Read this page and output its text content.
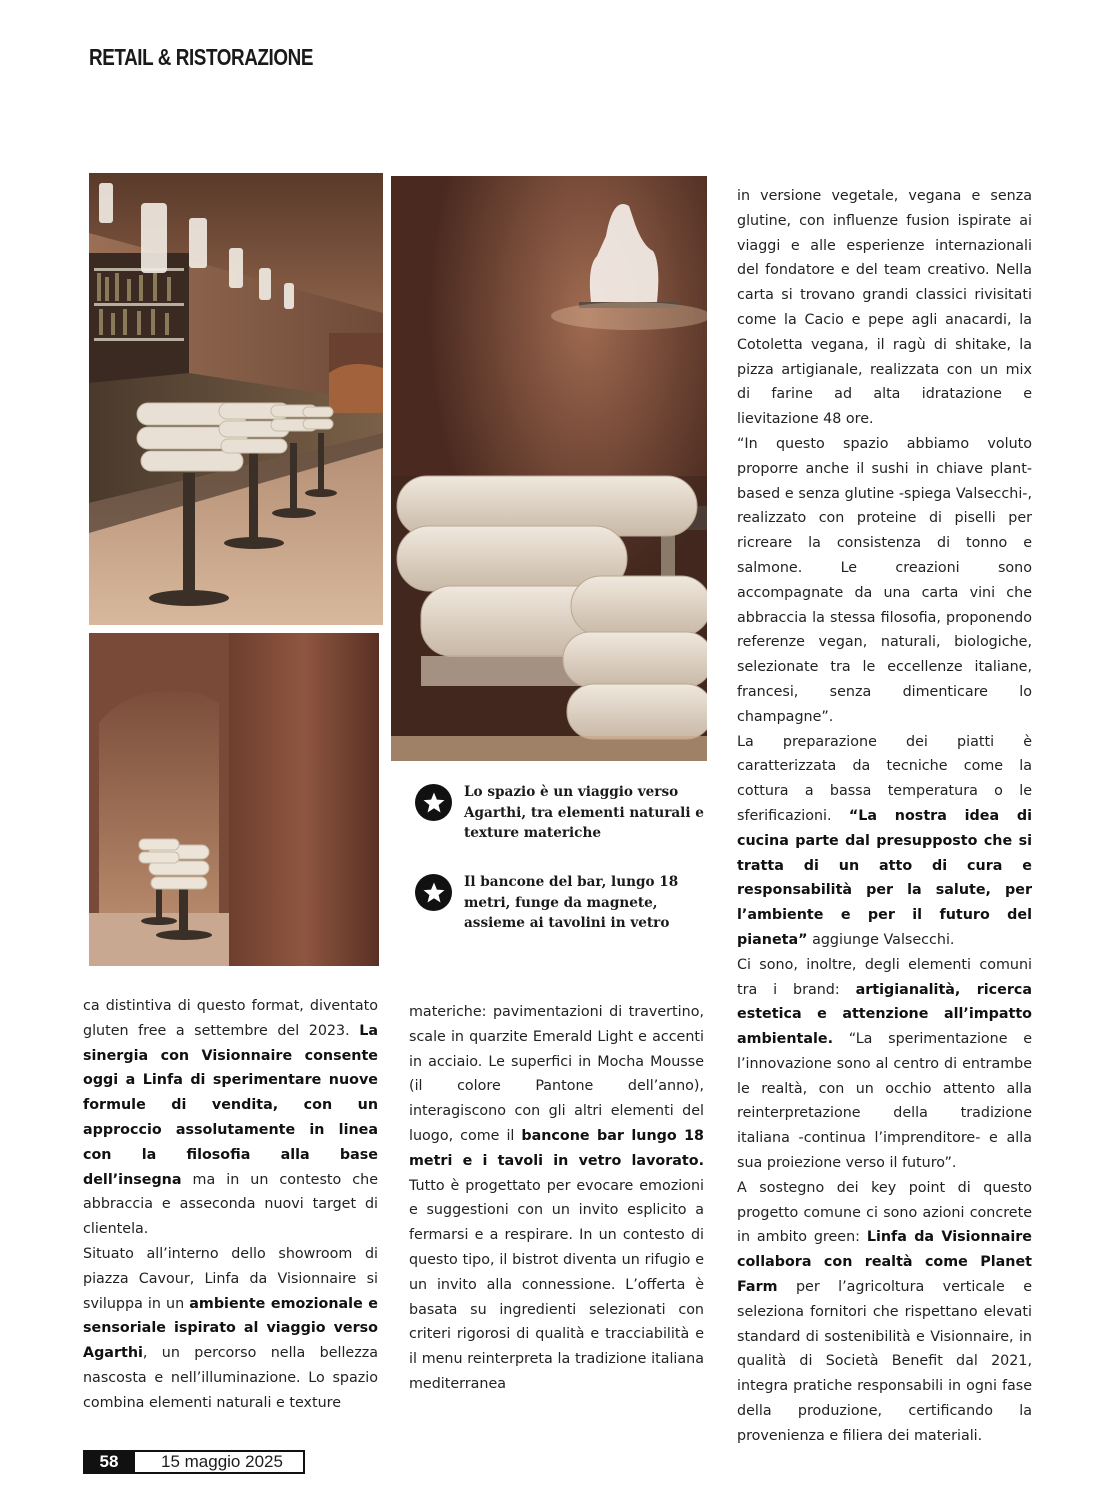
RETAIL & RISTORAZIONE
Lo spazio è un viaggio verso Agarthi, tra elementi naturali e texture materiche
Il bancone del bar, lungo 18 metri, funge da magnete, assieme ai tavolini in vetro

ca distintiva di questo format, diventato gluten free a settembre del 2023. La sinergia con Visionnaire consente oggi a Linfa di sperimentare nuove formule di vendita, con un approccio assolutamente in linea con la filosofia alla base dell’insegna ma in un contesto che abbraccia e asseconda nuovi target di clientela.

Situato all’interno dello showroom di piazza Cavour, Linfa da Visionnaire si sviluppa in un ambiente emozionale e sensoriale ispirato al viaggio verso Agarthi, un percorso nella bellezza nascosta e nell’illuminazione. Lo spazio combina elementi naturali e texture

materiche: pavimentazioni di travertino, scale in quarzite Emerald Light e accenti in acciaio. Le superfici in Mocha Mousse (il colore Pantone dell’anno), interagiscono con gli altri elementi del luogo, come il bancone bar lungo 18 metri e i tavoli in vetro lavorato. Tutto è progettato per evocare emozioni e suggestioni con un invito esplicito a fermarsi e a respirare. In un contesto di questo tipo, il bistrot diventa un rifugio e un invito alla connessione. L’offerta è basata su ingredienti selezionati con criteri rigorosi di qualità e tracciabilità e il menu reinterpreta la tradizione italiana mediterranea

in versione vegetale, vegana e senza glutine, con influenze fusion ispirate ai viaggi e alle esperienze internazionali del fondatore e del team creativo. Nella carta si trovano grandi classici rivisitati come la Cacio e pepe agli anacardi, la Cotoletta vegana, il ragù di shitake, la pizza artigianale, realizzata con un mix di farine ad alta idratazione e lievitazione 48 ore.

“In questo spazio abbiamo voluto proporre anche il sushi in chiave plant-based e senza glutine -spiega Valsecchi-, realizzato con proteine di piselli per ricreare la consistenza di tonno e salmone. Le creazioni sono accompagnate da una carta vini che abbraccia la stessa filosofia, proponendo referenze vegan, naturali, biologiche, selezionate tra le eccellenze italiane, francesi, senza dimenticare lo champagne”.

La preparazione dei piatti è caratterizzata da tecniche come la cottura a bassa temperatura o le sferificazioni. “La nostra idea di cucina parte dal presupposto che si tratta di un atto di cura e responsabilità per la salute, per l’ambiente e per il futuro del pianeta” aggiunge Valsecchi.

Ci sono, inoltre, degli elementi comuni tra i brand: artigianalità, ricerca estetica e attenzione all’impatto ambientale. “La sperimentazione e l’innovazione sono al centro di entrambe le realtà, con un occhio attento alla reinterpretazione della tradizione italiana -continua l’imprenditore- e alla sua proiezione verso il futuro”.

A sostegno dei key point di questo progetto comune ci sono azioni concrete in ambito green: Linfa da Visionnaire collabora con realtà come Planet Farm per l’agricoltura verticale e seleziona fornitori che rispettano elevati standard di sostenibilità e Visionnaire, in qualità di Società Benefit dal 2021, integra pratiche responsabili in ogni fase della produzione, certificando la provenienza e filiera dei materiali.

58	15 maggio 2025
